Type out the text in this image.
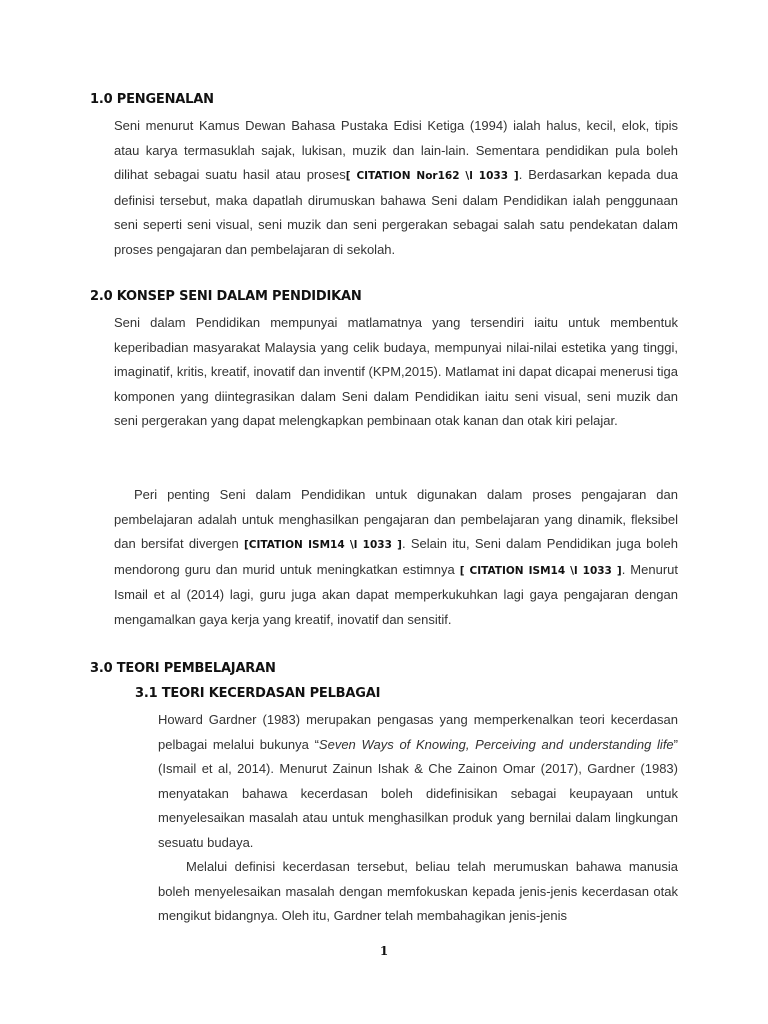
1.0 PENGENALAN

Seni menurut Kamus Dewan Bahasa Pustaka Edisi Ketiga (1994) ialah halus, kecil, elok, tipis atau karya termasuklah sajak, lukisan, muzik dan lain-lain. Sementara pendidikan pula boleh dilihat sebagai suatu hasil atau proses[ CITATION Nor162 \l 1033 ]. Berdasarkan kepada dua definisi tersebut, maka dapatlah dirumuskan bahawa Seni dalam Pendidikan ialah penggunaan seni seperti seni visual, seni muzik dan seni pergerakan sebagai salah satu pendekatan dalam proses pengajaran dan pembelajaran di sekolah.

2.0 KONSEP SENI DALAM PENDIDIKAN

Seni dalam Pendidikan mempunyai matlamatnya yang tersendiri iaitu untuk membentuk keperibadian masyarakat Malaysia yang celik budaya, mempunyai nilai-nilai estetika yang tinggi, imaginatif, kritis, kreatif, inovatif dan inventif (KPM,2015). Matlamat ini dapat dicapai menerusi tiga komponen yang diintegrasikan dalam Seni dalam Pendidikan iaitu seni visual, seni muzik dan seni pergerakan yang dapat melengkapkan pembinaan otak kanan dan otak kiri pelajar.

Peri penting Seni dalam Pendidikan untuk digunakan dalam proses pengajaran dan pembelajaran adalah untuk menghasilkan pengajaran dan pembelajaran yang dinamik, fleksibel dan bersifat divergen [CITATION ISM14 \l 1033 ]. Selain itu, Seni dalam Pendidikan juga boleh mendorong guru dan murid untuk meningkatkan estimnya [ CITATION ISM14 \l 1033 ]. Menurut Ismail et al (2014) lagi, guru juga akan dapat memperkukuhkan lagi gaya pengajaran dengan mengamalkan gaya kerja yang kreatif, inovatif dan sensitif.

3.0 TEORI PEMBELAJARAN
3.1 TEORI KECERDASAN PELBAGAI

Howard Gardner (1983) merupakan pengasas yang memperkenalkan teori kecerdasan pelbagai melalui bukunya “Seven Ways of Knowing, Perceiving and understanding life” (Ismail et al, 2014). Menurut Zainun Ishak & Che Zainon Omar (2017), Gardner (1983) menyatakan bahawa kecerdasan boleh didefinisikan sebagai keupayaan untuk menyelesaikan masalah atau untuk menghasilkan produk yang bernilai dalam lingkungan sesuatu budaya.

Melalui definisi kecerdasan tersebut, beliau telah merumuskan bahawa manusia boleh menyelesaikan masalah dengan memfokuskan kepada jenis-jenis kecerdasan otak mengikut bidangnya. Oleh itu, Gardner telah membahagikan jenis-jenis

1
